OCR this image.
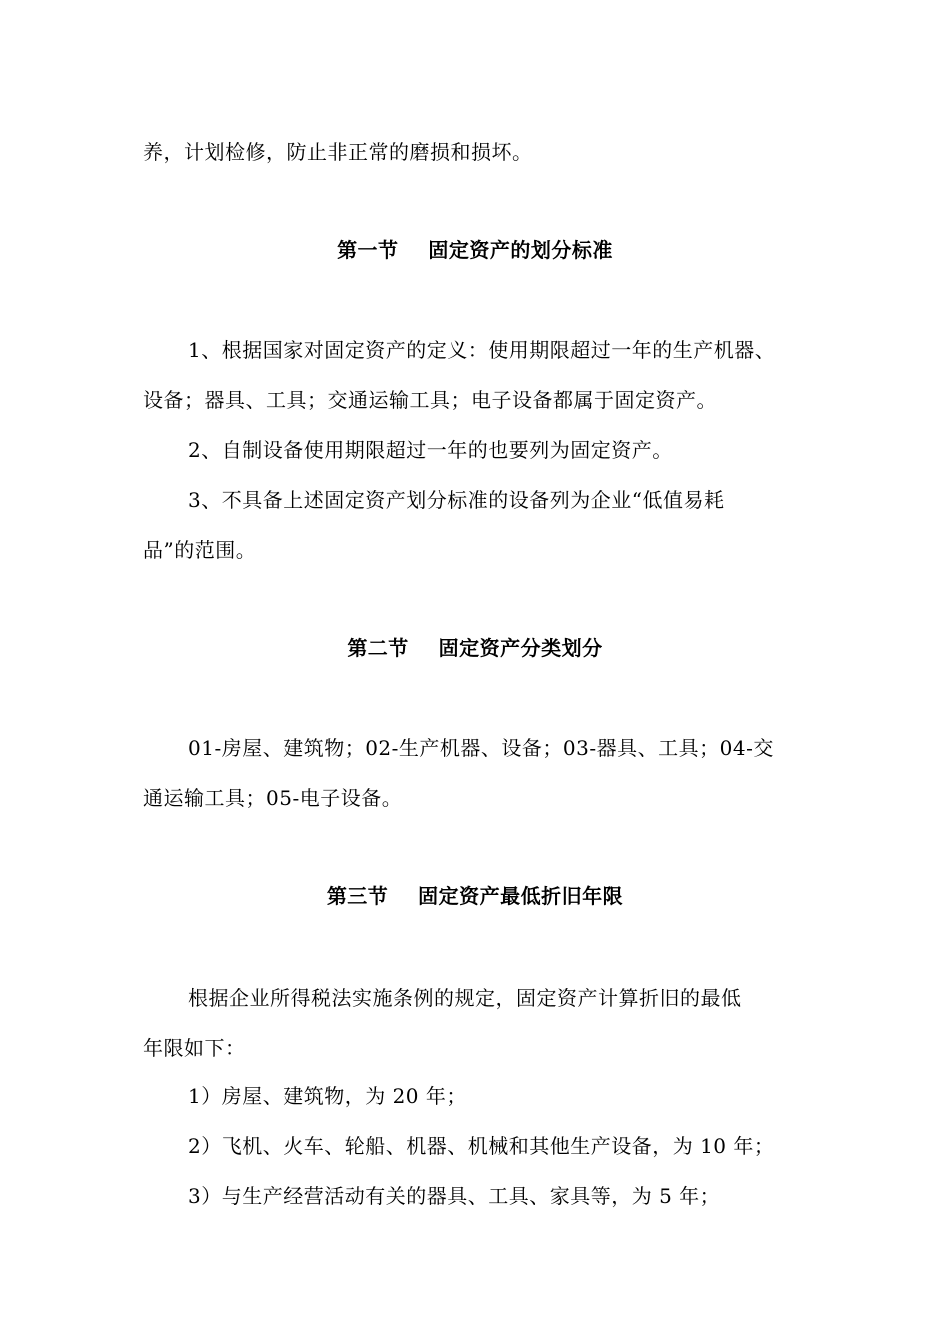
养，计划检修，防止非正常的磨损和损坏。
第一节    固定资产的划分标准
1、根据国家对固定资产的定义：使用期限超过一年的生产机器、
设备；器具、工具；交通运输工具；电子设备都属于固定资产。
2、自制设备使用期限超过一年的也要列为固定资产。
3、不具备上述固定资产划分标准的设备列为企业“低值易耗
品”的范围。
第二节    固定资产分类划分
01-房屋、建筑物；02-生产机器、设备；03-器具、工具；04-交
通运输工具；05-电子设备。
第三节    固定资产最低折旧年限
根据企业所得税法实施条例的规定，固定资产计算折旧的最低
年限如下：
1）房屋、建筑物，为 20 年；
2）飞机、火车、轮船、机器、机械和其他生产设备，为 10 年；
3）与生产经营活动有关的器具、工具、家具等，为 5 年；
